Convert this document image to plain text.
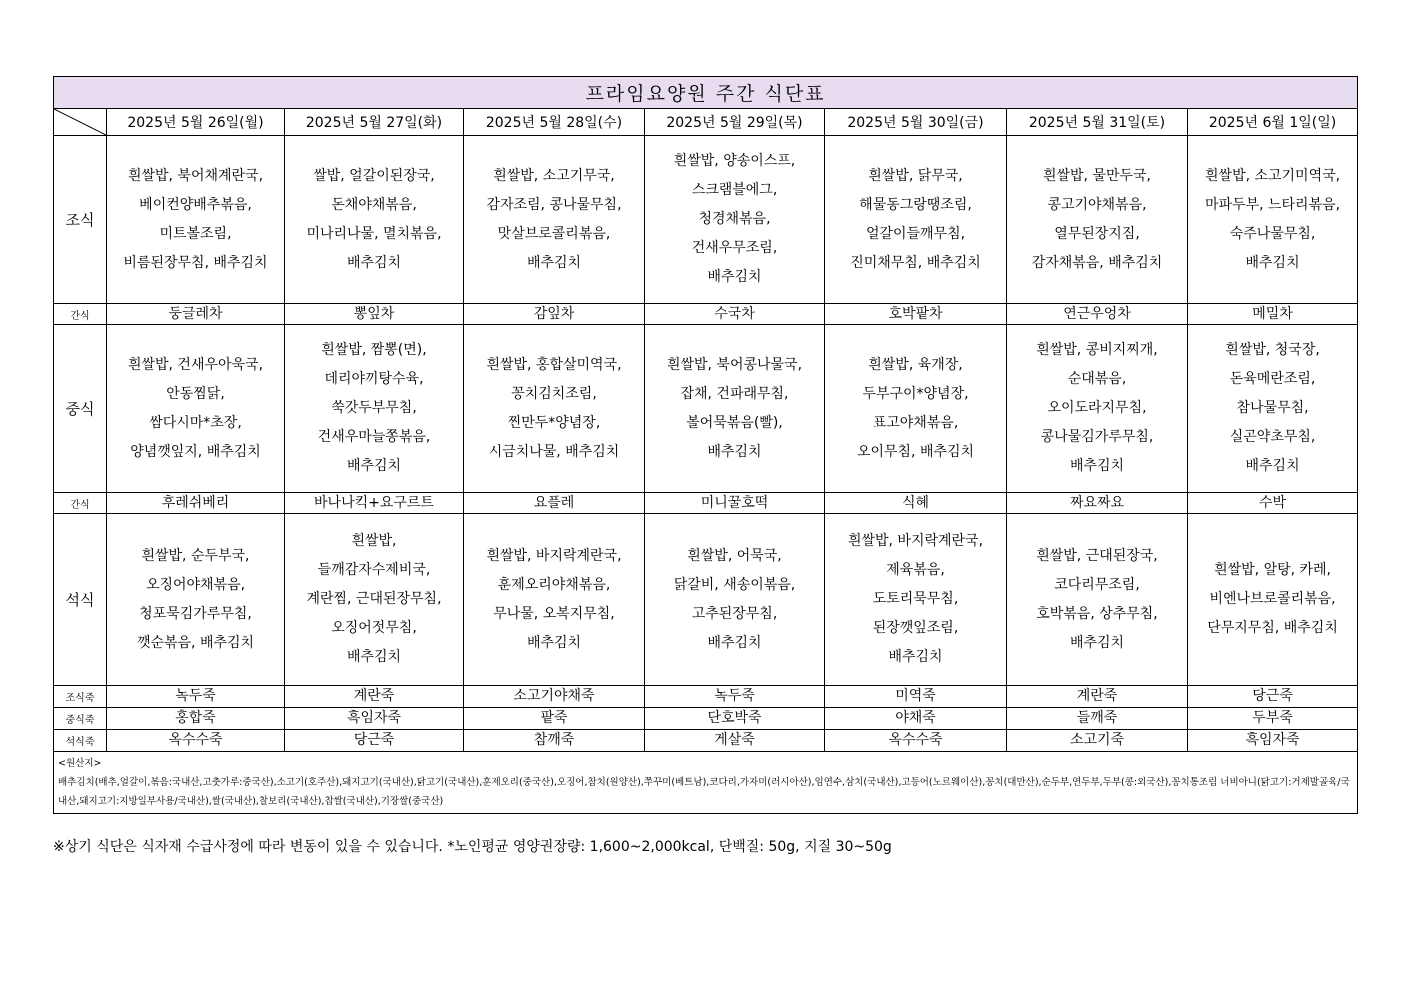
프라임요양원 주간 식단표							

	2025년 5월 26일(월)	2025년 5월 27일(화)	2025년 5월 28일(수)	2025년 5월 29일(목)	2025년 5월 30일(금)	2025년 5월 31일(토)	2025년 6월 1일(일)
조식	흰쌀밥, 북어채계란국,
베이컨양배추볶음,
미트볼조림,
비름된장무침, 배추김치	쌀밥, 얼갈이된장국,
돈채야채볶음,
미나리나물, 멸치볶음,
배추김치	흰쌀밥, 소고기무국,
감자조림, 콩나물무침,
맛살브로콜리볶음,
배추김치	흰쌀밥, 양송이스프,
스크램블에그,
청경채볶음,
건새우무조림,
배추김치	흰쌀밥, 닭무국,
해물동그랑땡조림,
얼갈이들깨무침,
진미채무침, 배추김치	흰쌀밥, 물만두국,
콩고기야채볶음,
열무된장지짐,
감자채볶음, 배추김치	흰쌀밥, 소고기미역국,
마파두부, 느타리볶음,
숙주나물무침,
배추김치
간식	둥글레차	뽕잎차	감잎차	수국차	호박팥차	연근우엉차	메밀차
중식	흰쌀밥, 건새우아욱국,
안동찜닭,
쌈다시마*초장,
양념깻잎지, 배추김치	흰쌀밥, 짬뽕(면),
데리야끼탕수육,
쑥갓두부무침,
건새우마늘쫑볶음,
배추김치	흰쌀밥, 홍합살미역국,
꽁치김치조림,
찐만두*양념장,
시금치나물, 배추김치	흰쌀밥, 북어콩나물국,
잡채, 건파래무침,
볼어묵볶음(빨),
배추김치	흰쌀밥, 육개장,
두부구이*양념장,
표고야채볶음,
오이무침, 배추김치	흰쌀밥, 콩비지찌개,
순대볶음,
오이도라지무침,
콩나물김가루무침,
배추김치	흰쌀밥, 청국장,
돈육메란조림,
참나물무침,
실곤약초무침,
배추김치
간식	후레쉬베리	바나나킥+요구르트	요플레	미니꿀호떡	식혜	짜요짜요	수박
석식	흰쌀밥, 순두부국,
오징어야채볶음,
청포묵김가루무침,
깻순볶음, 배추김치	흰쌀밥,
들깨감자수제비국,
계란찜, 근대된장무침,
오징어젓무침,
배추김치	흰쌀밥, 바지락계란국,
훈제오리야채볶음,
무나물, 오복지무침,
배추김치	흰쌀밥, 어묵국,
닭갈비, 새송이볶음,
고추된장무침,
배추김치	흰쌀밥, 바지락계란국,
제육볶음,
도토리묵무침,
된장깻잎조림,
배추김치	흰쌀밥, 근대된장국,
코다리무조림,
호박볶음, 상추무침,
배추김치	흰쌀밥, 알탕, 카레,
비엔나브로콜리볶음,
단무지무침, 배추김치
조식죽	녹두죽	계란죽	소고기야채죽	녹두죽	미역죽	계란죽	당근죽
중식죽	홍합죽	흑임자죽	팥죽	단호박죽	야채죽	들깨죽	두부죽
석식죽	옥수수죽	당근죽	참깨죽	게살죽	옥수수죽	소고기죽	흑임자죽

<원산지>
배추김치(배추,얼갈이,볶음:국내산,고춧가루:중국산),소고기(호주산),돼지고기(국내산),닭고기(국내산),훈제오리(중국산),오징어,참치(원양산),쭈꾸미(베트남),코다리,가자미(러시아산),임연수,삼치(국내산),고등어(노르웨이산),꽁치(대만산),순두부,연두부,두부(콩:외국산),꽁치통조림 너비아니(닭고기:거제발골육/국내산,돼지고기:지방일부사용/국내산),쌀(국내산),찰보리(국내산),찹쌀(국내산),기장쌀(중국산)							
※상기 식단은 식자재 수급사정에 따라 변동이 있을 수 있습니다. *노인평균 영양권장량: 1,600~2,000kcal, 단백질: 50g, 지질 30~50g
